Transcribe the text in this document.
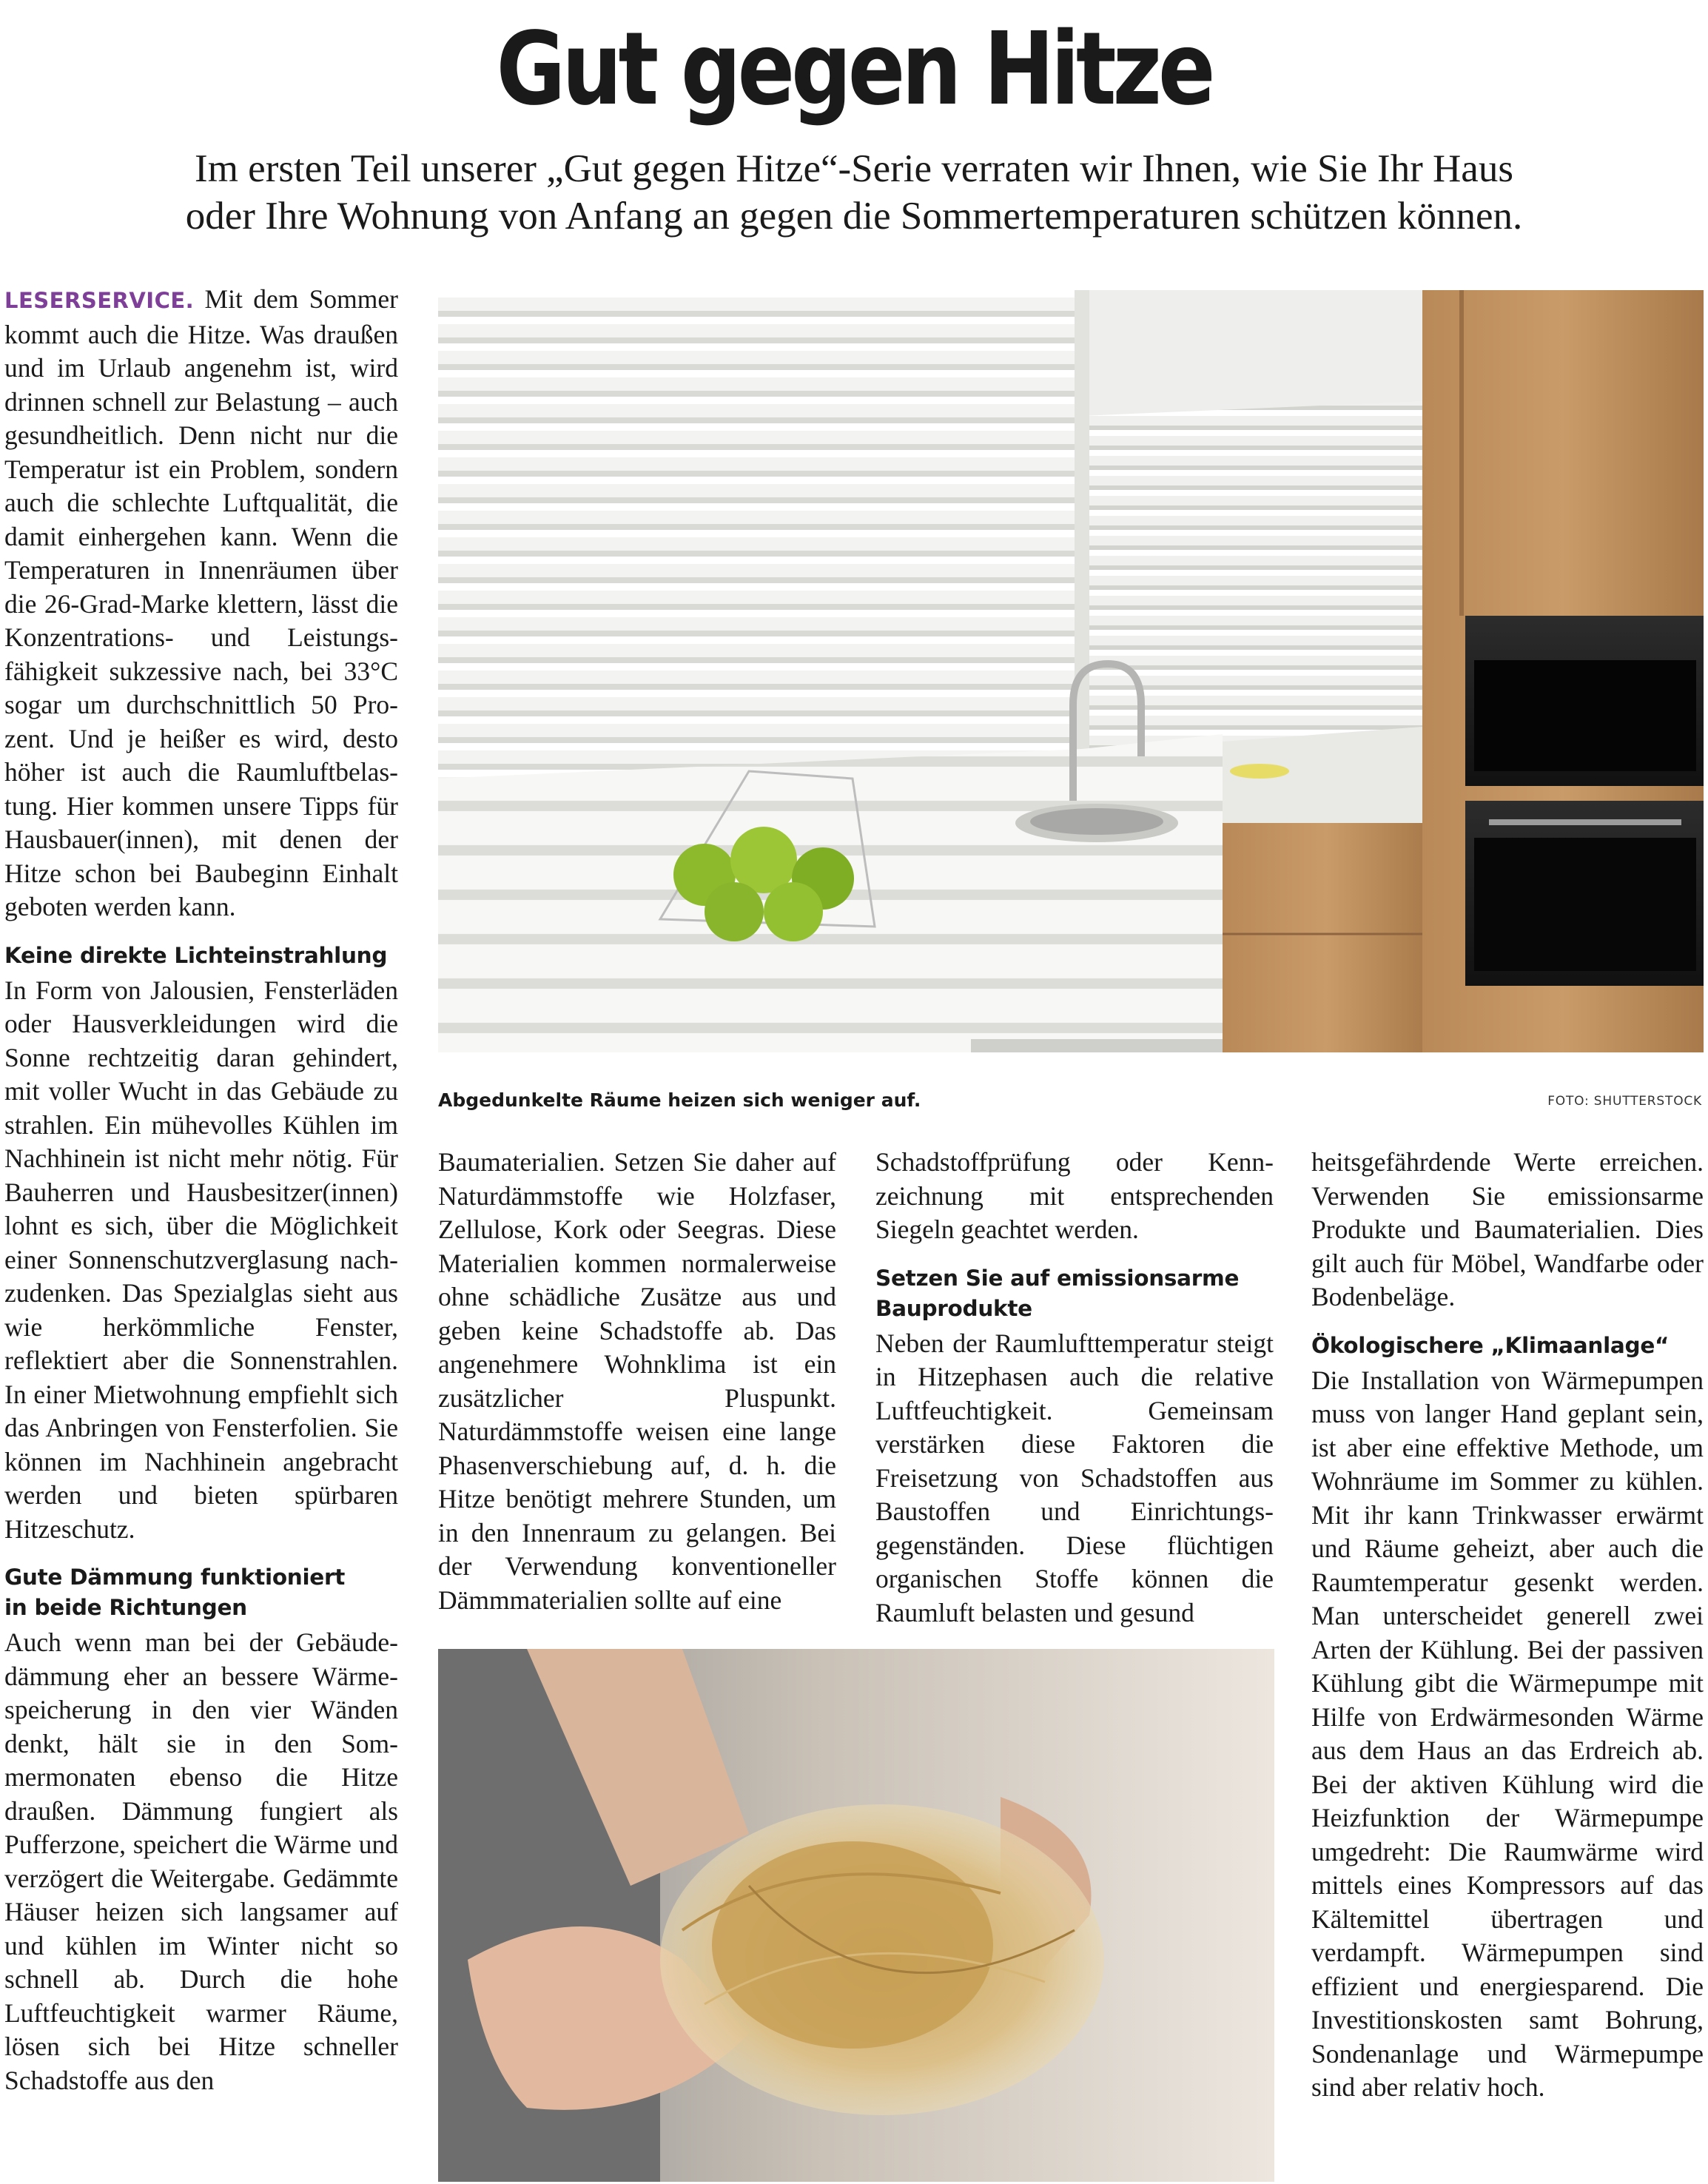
Gut gegen Hitze
Im ersten Teil unserer „Gut gegen Hitze“-Serie verraten wir Ihnen, wie Sie Ihr Haus
oder Ihre Wohnung von Anfang an gegen die Sommertemperaturen schützen können.

LESERSERVICE. Mit dem Sommer kommt auch die Hitze. Was draußen und im Urlaub angenehm ist, wird drinnen schnell zur Belastung – auch gesundheitlich. Denn nicht nur die Temperatur ist ein Problem, sondern auch die schlechte Luftqualität, die damit einhergehen kann. Wenn die Temperaturen in Innenräumen über die 26-Grad-Marke klettern, lässt die Konzentrations- und Leistungsfähigkeit sukzessive nach, bei 33°C sogar um durchschnittlich 50 Prozent. Und je heißer es wird, desto höher ist auch die Raumluftbelastung. Hier kommen unsere Tipps für Hausbauer(innen), mit denen der Hitze schon bei Baubeginn Einhalt geboten werden kann.

Keine direkte Lichteinstrahlung

In Form von Jalousien, Fensterläden oder Hausverkleidungen wird die Sonne rechtzeitig daran gehindert, mit voller Wucht in das Gebäude zu strahlen. Ein mühevolles Kühlen im Nachhinein ist nicht mehr nötig. Für Bauherren und Hausbesitzer(innen) lohnt es sich, über die Möglichkeit einer Sonnenschutzverglasung nachzudenken. Das Spezialglas sieht aus wie herkömmliche Fenster, reflektiert aber die Sonnenstrahlen. In einer Mietwohnung empfiehlt sich das Anbringen von Fensterfolien. Sie können im Nachhinein angebracht werden und bieten spürbaren Hitzeschutz.

Gute Dämmung funktioniert
in beide Richtungen

Auch wenn man bei der Gebäudedämmung eher an bessere Wärmespeicherung in den vier Wänden denkt, hält sie in den Sommermonaten ebenso die Hitze draußen. Dämmung fungiert als Pufferzone, speichert die Wärme und verzögert die Weitergabe. Gedämmte Häuser heizen sich langsamer auf und kühlen im Winter nicht so schnell ab. Durch die hohe Luftfeuchtigkeit warmer Räume, lösen sich bei Hitze schneller Schadstoffe aus den

Abgedunkelte Räume heizen sich weniger auf.	FOTO: SHUTTERSTOCK

Baumaterialien. Setzen Sie daher auf Naturdämmstoffe wie Holzfaser, Zellulose, Kork oder Seegras. Diese Materialien kommen normalerweise ohne schädliche Zusätze aus und geben keine Schadstoffe ab. Das angenehmere Wohnklima ist ein zusätzlicher Pluspunkt. Naturdämmstoffe weisen eine lange Phasenverschiebung auf, d. h. die Hitze benötigt mehrere Stunden, um in den Innenraum zu gelangen. Bei der Verwendung konventioneller Dämmmaterialien sollte auf eine

Schadstoffprüfung oder Kennzeichnung mit entsprechenden Siegeln geachtet werden.

Setzen Sie auf emissionsarme
Bauprodukte

Neben der Raumlufttemperatur steigt in Hitzephasen auch die relative Luftfeuchtigkeit. Gemeinsam verstärken diese Faktoren die Freisetzung von Schadstoffen aus Baustoffen und Einrichtungsgegenständen. Diese flüchtigen organischen Stoffe können die Raumluft belasten und gesund

heitsgefährdende Werte erreichen. Verwenden Sie emissionsarme Produkte und Baumaterialien. Dies gilt auch für Möbel, Wandfarbe oder Bodenbeläge.

Ökologischere „Klimaanlage“

Die Installation von Wärmepumpen muss von langer Hand geplant sein, ist aber eine effektive Methode, um Wohnräume im Sommer zu kühlen. Mit ihr kann Trinkwasser erwärmt und Räume geheizt, aber auch die Raumtemperatur gesenkt werden. Man unterscheidet generell zwei Arten der Kühlung. Bei der passiven Kühlung gibt die Wärmepumpe mit Hilfe von Erdwärmesonden Wärme aus dem Haus an das Erdreich ab. Bei der aktiven Kühlung wird die Heizfunktion der Wärmepumpe umgedreht: Die Raumwärme wird mittels eines Kompressors auf das Kältemittel übertragen und verdampft. Wärmepumpen sind effizient und energiesparend. Die Investitionskosten samt Bohrung, Sondenanlage und Wärmepumpe sind aber relativ hoch.
